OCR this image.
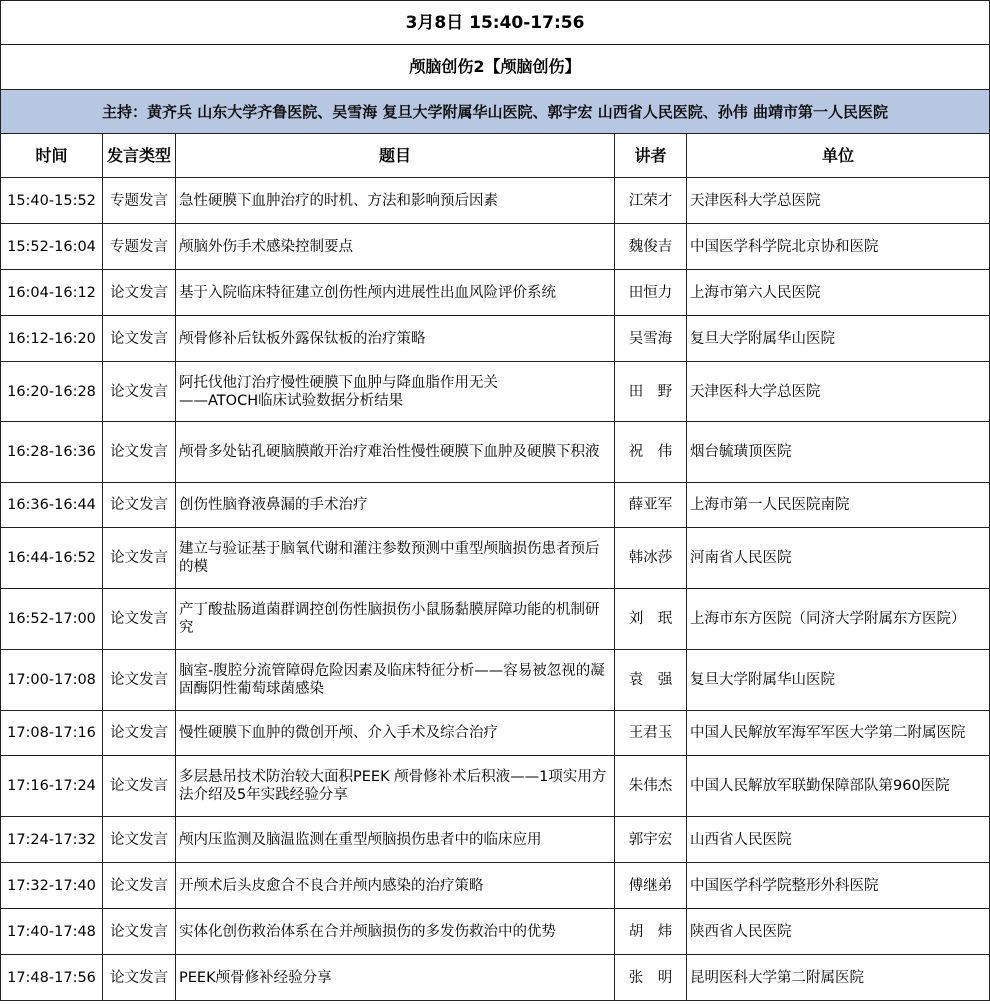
3月8日 15:40-17:56				
颅脑创伤2【颅脑创伤】				
主持：黄齐兵 山东大学齐鲁医院、吴雪海 复旦大学附属华山医院、郭宇宏 山西省人民医院、孙伟 曲靖市第一人民医院				
时间	发言类型	题目	讲者	单位
15:40-15:52	专题发言	急性硬膜下血肿治疗的时机、方法和影响预后因素	江荣才	天津医科大学总医院
15:52-16:04	专题发言	颅脑外伤手术感染控制要点	魏俊吉	中国医学科学院北京协和医院
16:04-16:12	论文发言	基于入院临床特征建立创伤性颅内进展性出血风险评价系统	田恒力	上海市第六人民医院
16:12-16:20	论文发言	颅骨修补后钛板外露保钛板的治疗策略	吴雪海	复旦大学附属华山医院
16:20-16:28	论文发言	阿托伐他汀治疗慢性硬膜下血肿与降血脂作用无关
——ATOCH临床试验数据分析结果	田　野	天津医科大学总医院
16:28-16:36	论文发言	颅骨多处钻孔硬脑膜敞开治疗难治性慢性硬膜下血肿及硬膜下积液	祝　伟	烟台毓璜顶医院
16:36-16:44	论文发言	创伤性脑脊液鼻漏的手术治疗	薛亚军	上海市第一人民医院南院
16:44-16:52	论文发言	建立与验证基于脑氧代谢和灌注参数预测中重型颅脑损伤患者预后的模	韩冰莎	河南省人民医院
16:52-17:00	论文发言	产丁酸盐肠道菌群调控创伤性脑损伤小鼠肠黏膜屏障功能的机制研究	刘　珉	上海市东方医院（同济大学附属东方医院）
17:00-17:08	论文发言	脑室-腹腔分流管障碍危险因素及临床特征分析——容易被忽视的凝固酶阴性葡萄球菌感染	袁　强	复旦大学附属华山医院
17:08-17:16	论文发言	慢性硬膜下血肿的微创开颅、介入手术及综合治疗	王君玉	中国人民解放军海军军医大学第二附属医院
17:16-17:24	论文发言	多层悬吊技术防治较大面积PEEK 颅骨修补术后积液——1项实用方法介绍及5年实践经验分享	朱伟杰	中国人民解放军联勤保障部队第960医院
17:24-17:32	论文发言	颅内压监测及脑温监测在重型颅脑损伤患者中的临床应用	郭宇宏	山西省人民医院
17:32-17:40	论文发言	开颅术后头皮愈合不良合并颅内感染的治疗策略	傅继弟	中国医学科学院整形外科医院
17:40-17:48	论文发言	实体化创伤救治体系在合并颅脑损伤的多发伤救治中的优势	胡　炜	陕西省人民医院
17:48-17:56	论文发言	PEEK颅骨修补经验分享	张　明	昆明医科大学第二附属医院
